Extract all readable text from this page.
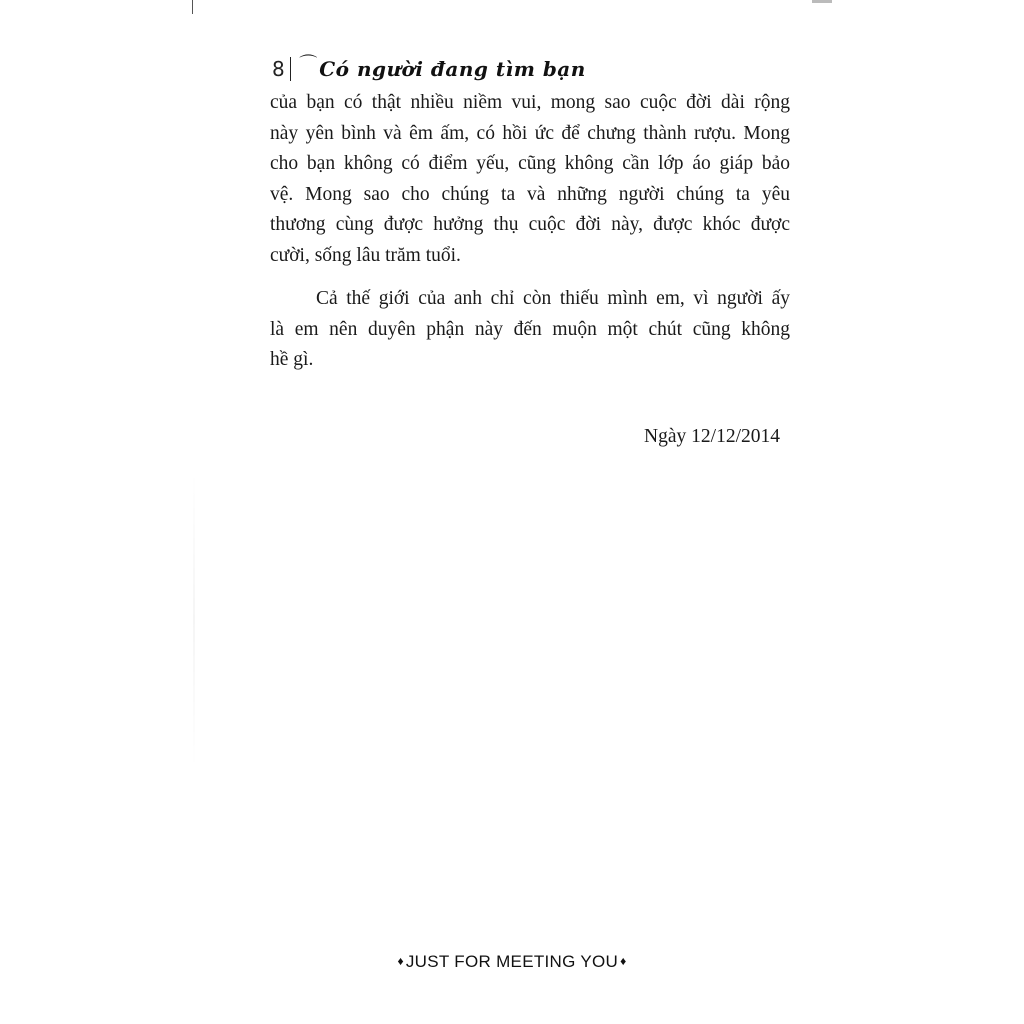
8 ⌒ Có người đang tìm bạn
của bạn có thật nhiều niềm vui, mong sao cuộc đời dài rộng
này yên bình và êm ấm, có hồi ức để chưng thành rượu. Mong
cho bạn không có điểm yếu, cũng không cần lớp áo giáp bảo
vệ. Mong sao cho chúng ta và những người chúng ta yêu
thương cùng được hưởng thụ cuộc đời này, được khóc được
cười, sống lâu trăm tuổi.
Cả thế giới của anh chỉ còn thiếu mình em, vì người ấy
là em nên duyên phận này đến muộn một chút cũng không
hề gì.
Ngày 12/12/2014
♦ JUST FOR MEETING YOU ♦
